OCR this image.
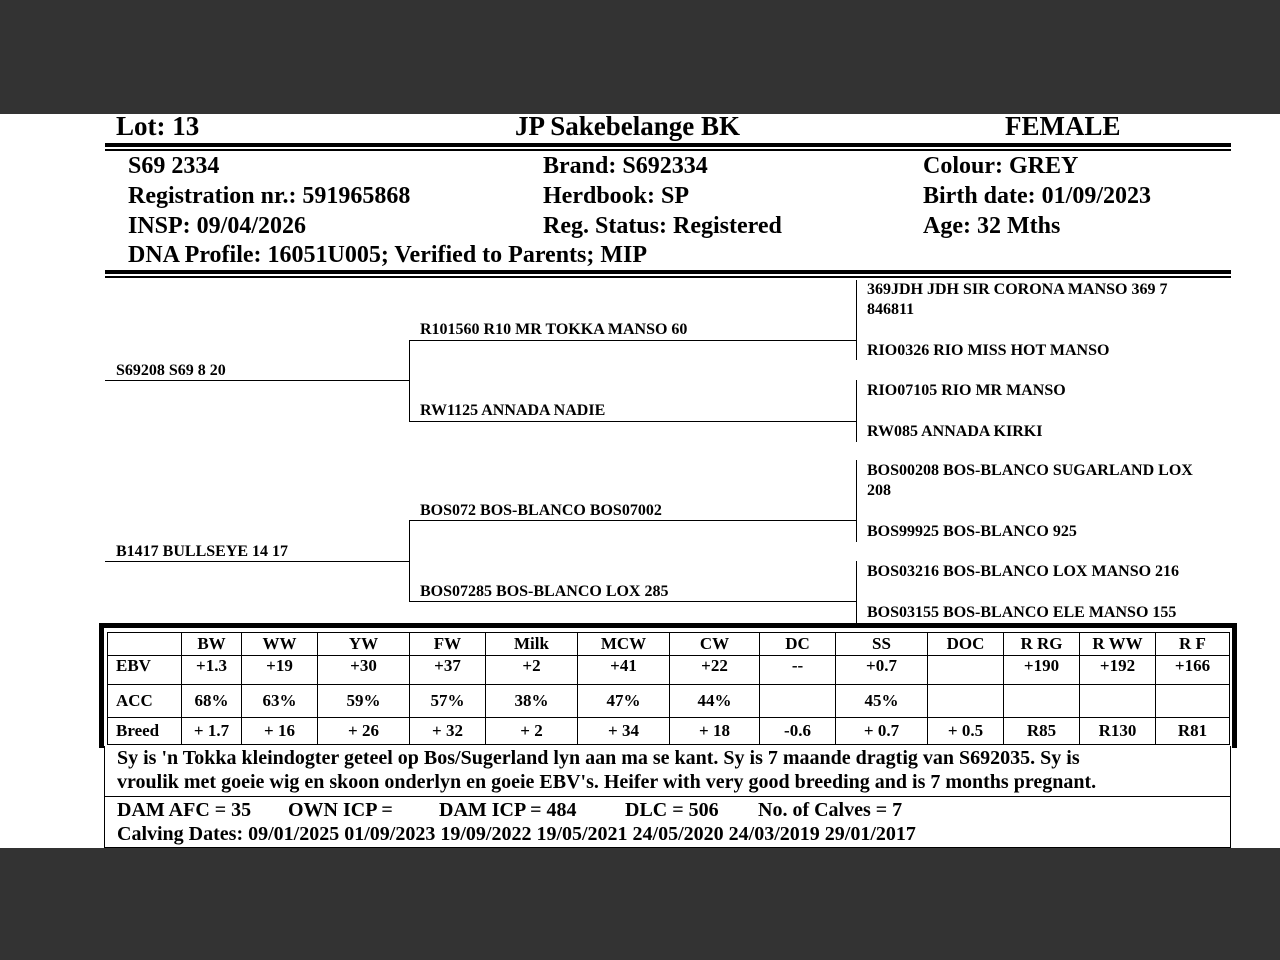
Lot: 13	JP Sakebelange BK	FEMALE
S69 2334
Registration nr.: 591965868
INSP: 09/04/2026
Brand: S692334
Herdbook: SP
Reg. Status: Registered
Colour: GREY
Birth date: 01/09/2023
Age: 32 Mths
DNA Profile: 16051U005; Verified to Parents; MIP
S69208 S69 8 20
B1417 BULLSEYE 14 17
R101560 R10 MR TOKKA MANSO 60
RW1125 ANNADA NADIE
BOS072 BOS-BLANCO BOS07002
BOS07285 BOS-BLANCO LOX 285
369JDH JDH SIR CORONA MANSO 369 7
846811
RIO0326 RIO MISS HOT MANSO
RIO07105 RIO MR MANSO
RW085 ANNADA KIRKI
BOS00208 BOS-BLANCO SUGARLAND LOX
208
BOS99925 BOS-BLANCO 925
BOS03216 BOS-BLANCO LOX MANSO 216
BOS03155 BOS-BLANCO ELE MANSO 155
	BW	WW	YW	FW	Milk	MCW	CW	DC	SS	DOC	R RG	R WW	R F
EBV	+1.3	+19	+30	+37	+2	+41	+22	--	+0.7		+190	+192	+166
ACC	68%	63%	59%	57%	38%	47%	44%		45%				
Breed	+ 1.7	+ 16	+ 26	+ 32	+ 2	+ 34	+ 18	-0.6	+ 0.7	+ 0.5	R85	R130	R81
Sy is 'n Tokka kleindogter geteel op Bos/Sugerland lyn aan ma se kant. Sy is 7 maande dragtig van S692035. Sy is
vroulik met goeie wig en skoon onderlyn en goeie EBV's. Heifer with very good breeding and is 7 months pregnant.
DAM AFC = 35 OWN ICP = DAM ICP = 484 DLC = 506 No. of Calves = 7
Calving Dates: 09/01/2025 01/09/2023 19/09/2022 19/05/2021 24/05/2020 24/03/2019 29/01/2017
